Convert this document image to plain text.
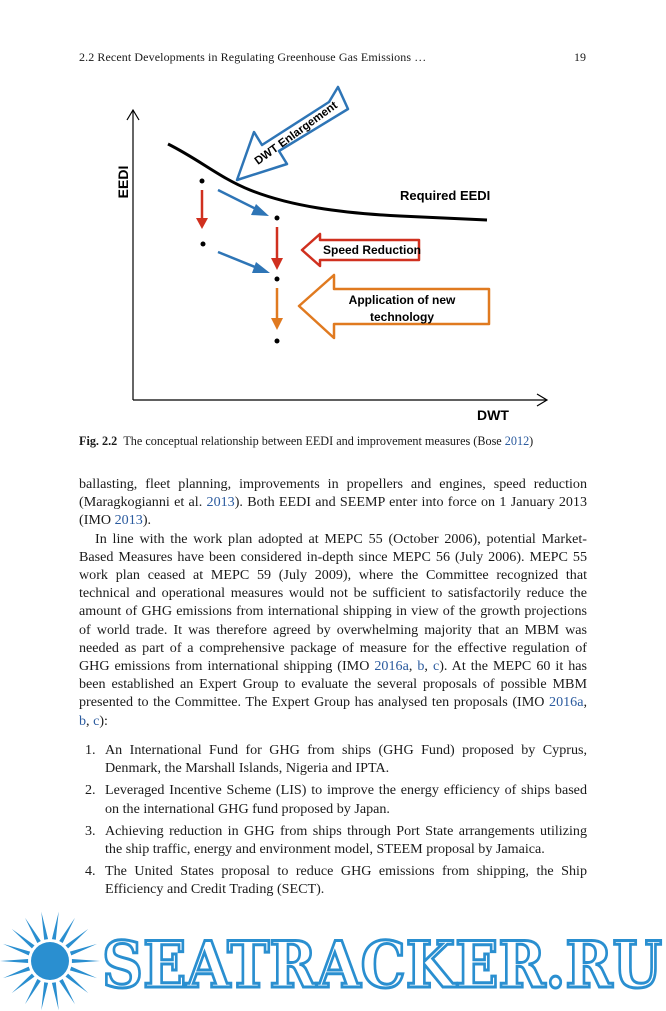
2.2 Recent Developments in Regulating Greenhouse Gas Emissions …	19
EEDI
DWT
Required EEDI
DWT Enlargement
Speed Reduction
Application of new
technology
Fig. 2.2 The conceptual relationship between EEDI and improvement measures (Bose 2012)

ballasting, fleet planning, improvements in propellers and engines, speed reduction (Maragkogianni et al. 2013). Both EEDI and SEEMP enter into force on 1 January 2013 (IMO 2013).

In line with the work plan adopted at MEPC 55 (October 2006), potential Market-Based Measures have been considered in-depth since MEPC 56 (July 2006). MEPC 55 work plan ceased at MEPC 59 (July 2009), where the Committee recognized that technical and operational measures would not be sufficient to satisfactorily reduce the amount of GHG emissions from international shipping in view of the growth projections of world trade. It was therefore agreed by overwhelming majority that an MBM was needed as part of a comprehensive package of measure for the effective regulation of GHG emissions from international shipping (IMO 2016a, b, c). At the MEPC 60 it has been established an Expert Group to evaluate the several proposals of possible MBM presented to the Committee. The Expert Group has analysed ten proposals (IMO 2016a, b, c):

1. An International Fund for GHG from ships (GHG Fund) proposed by Cyprus, Denmark, the Marshall Islands, Nigeria and IPTA.
2. Leveraged Incentive Scheme (LIS) to improve the energy efficiency of ships based on the international GHG fund proposed by Japan.
3. Achieving reduction in GHG from ships through Port State arrangements utilizing the ship traffic, energy and environment model, STEEM proposal by Jamaica.
4. The United States proposal to reduce GHG emissions from shipping, the Ship Efficiency and Credit Trading (SECT).
SEATRACKER.RU
